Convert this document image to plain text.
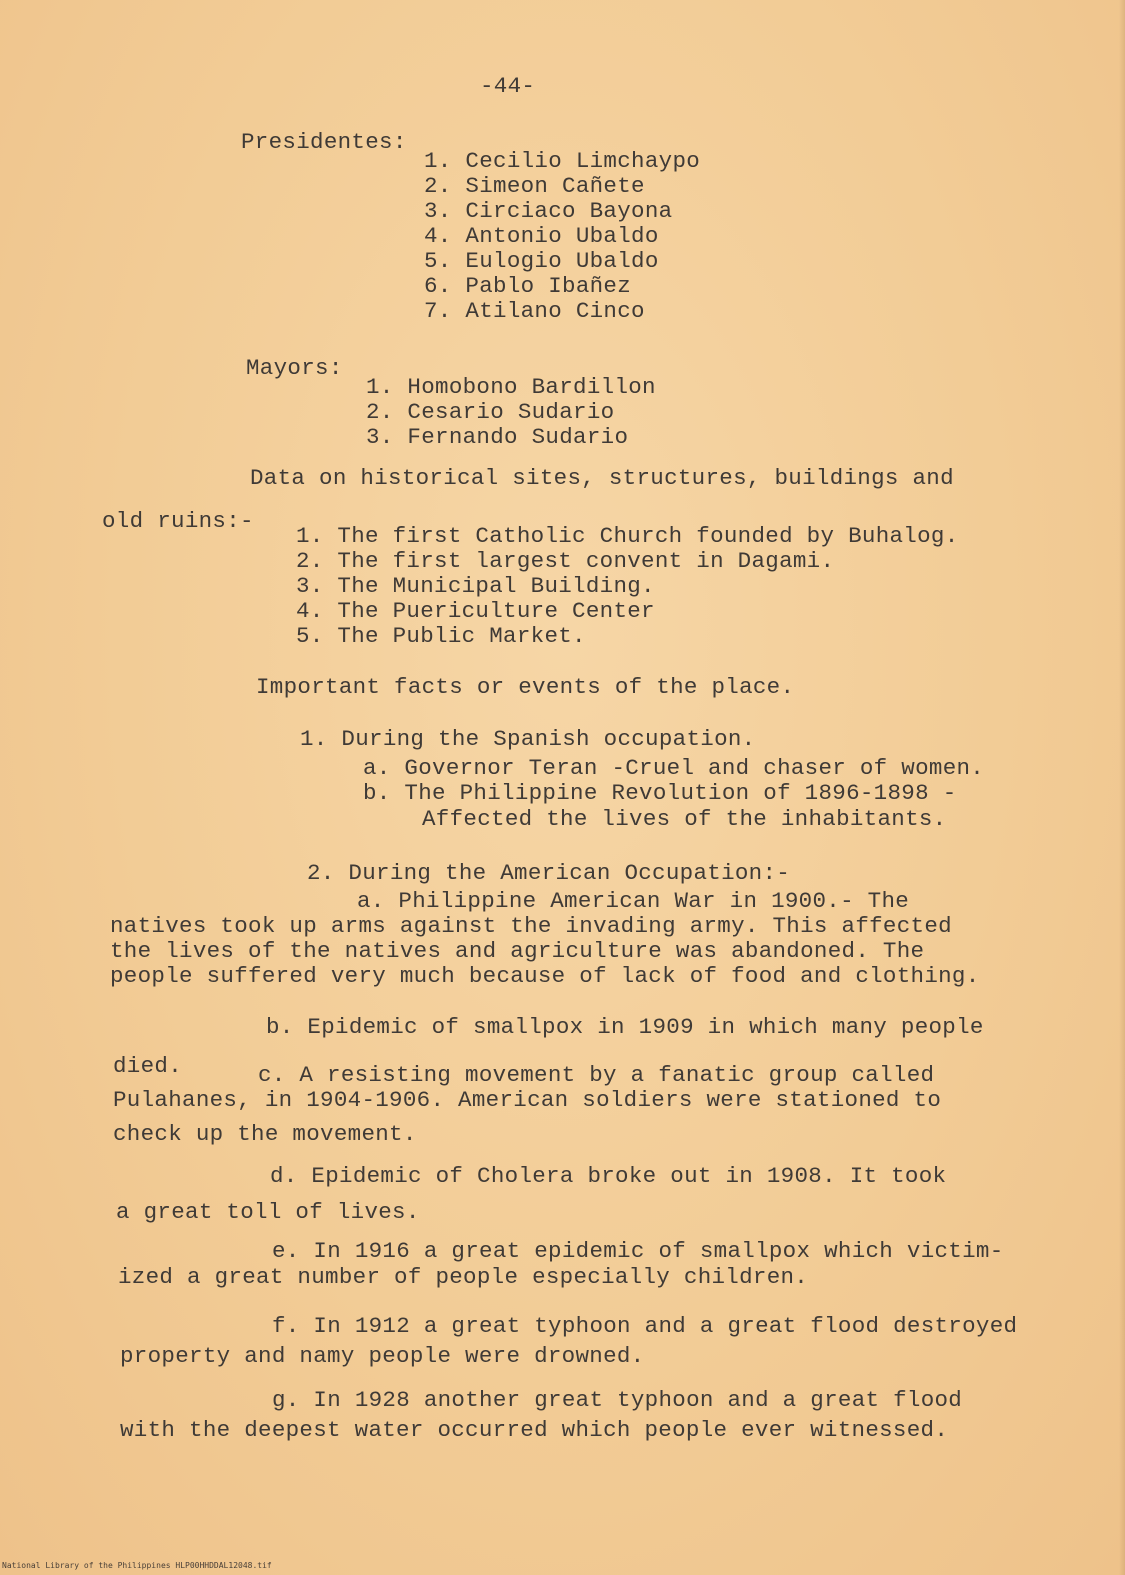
-44-
Presidentes:
1. Cecilio Limchaypo
2. Simeon Cañete
3. Circiaco Bayona
4. Antonio Ubaldo
5. Eulogio Ubaldo
6. Pablo Ibañez
7. Atilano Cinco
Mayors:
1. Homobono Bardillon
2. Cesario Sudario
3. Fernando Sudario
Data on historical sites, structures, buildings and
old ruins:-
1. The first Catholic Church founded by Buhalog.
2. The first largest convent in Dagami.
3. The Municipal Building.
4. The Puericulture Center
5. The Public Market.
Important facts or events of the place.
1. During the Spanish occupation.
a. Governor Teran -Cruel and chaser of women.
b. The Philippine Revolution of 1896-1898 -
Affected the lives of the inhabitants.
2. During the American Occupation:-
a. Philippine American War in 1900.- The
natives took up arms against the invading army. This affected
the lives of the natives and agriculture was abandoned. The
people suffered very much because of lack of food and clothing.
b. Epidemic of smallpox in 1909 in which many people
died.	c. A resisting movement by a fanatic group called
Pulahanes, in 1904-1906. American soldiers were stationed to
check up the movement.
d. Epidemic of Cholera broke out in 1908. It took
a great toll of lives.
e. In 1916 a great epidemic of smallpox which victim-
ized a great number of people especially children.
f. In 1912 a great typhoon and a great flood destroyed
property and namy people were drowned.
g. In 1928 another great typhoon and a great flood
with the deepest water occurred which people ever witnessed.
National Library of the Philippines HLP00HHDDAL12048.tif
